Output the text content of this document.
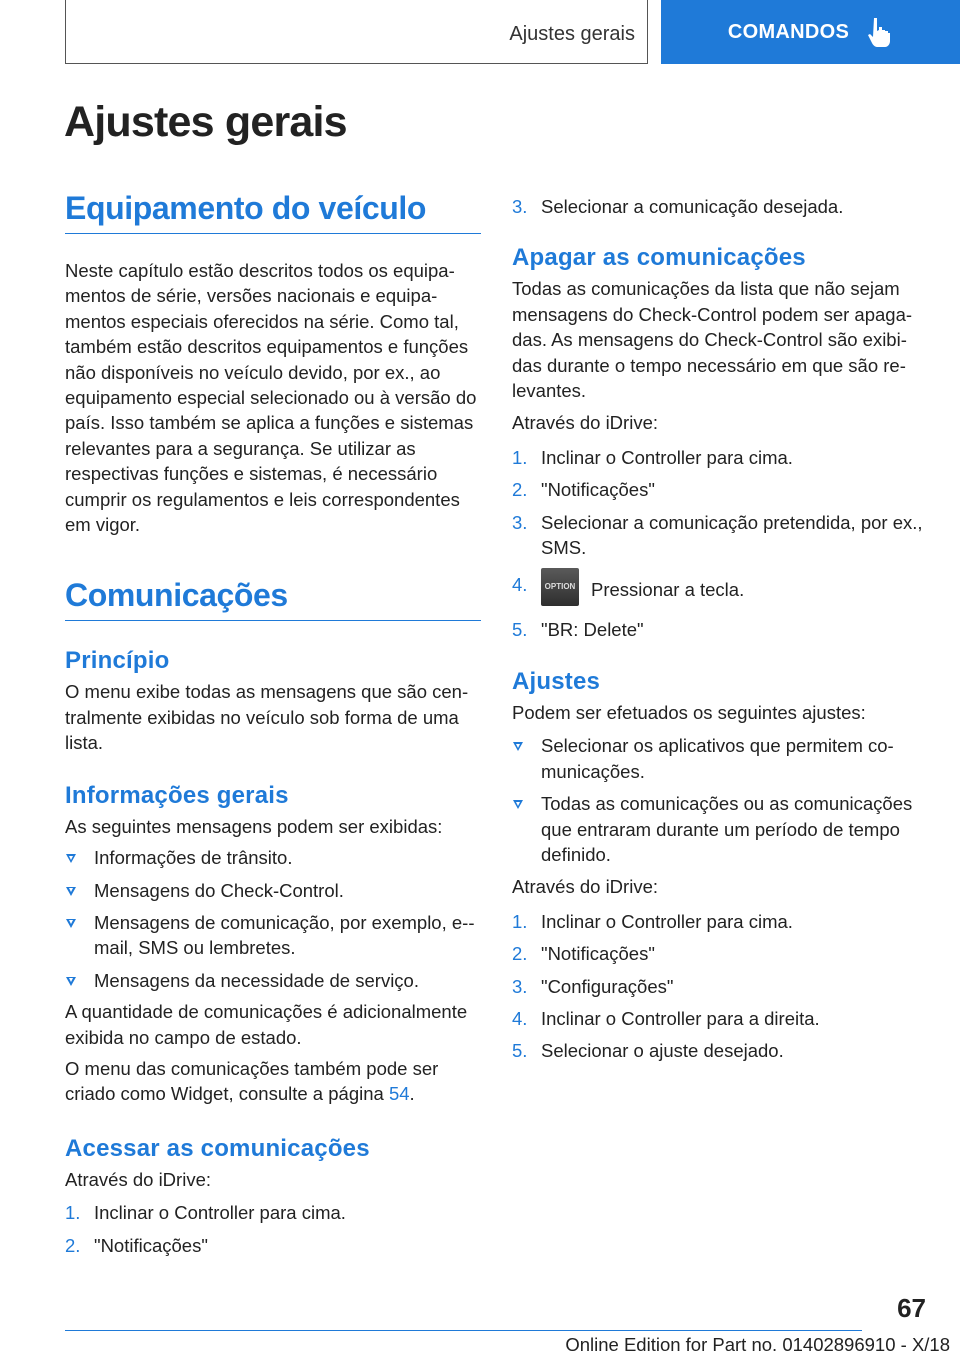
Ajustes gerais	COMANDOS
Ajustes gerais
Equipamento do veículo

Neste capítulo estão descritos todos os equipamentos de série, versões nacionais e equipamentos especiais oferecidos na série. Como tal, também estão descritos equipamentos e funções não disponíveis no veículo devido, por ex., ao equipamento especial selecionado ou à versão do país. Isso também se aplica a funções e sistemas relevantes para a segurança. Se utilizar as respectivas funções e sistemas, é necessário cumprir os regulamentos e leis correspondentes em vigor.

Comunicações
Princípio

O menu exibe todas as mensagens que são centralmente exibidas no veículo sob forma de uma lista.

Informações gerais

As seguintes mensagens podem ser exibidas:

Informações de trânsito.
Mensagens do Check-Control.
Mensagens de comunicação, por exemplo, e-mail, SMS ou lembretes.
Mensagens da necessidade de serviço.

A quantidade de comunicações é adicionalmente exibida no campo de estado.

O menu das comunicações também pode ser criado como Widget, consulte a página 54.

Acessar as comunicações

Através do iDrive:

1. Inclinar o Controller para cima.
2. "Notificações"
3. Selecionar a comunicação desejada.
Apagar as comunicações

Todas as comunicações da lista que não sejam mensagens do Check-Control podem ser apagadas. As mensagens do Check-Control são exibidas durante o tempo necessário em que são relevantes.

Através do iDrive:

1. Inclinar o Controller para cima.
2. "Notificações"
3. Selecionar a comunicação pretendida, por ex., SMS.
4. OPTION Pressionar a tecla.
5. "BR: Delete"
Ajustes

Podem ser efetuados os seguintes ajustes:

Selecionar os aplicativos que permitem comunicações.
Todas as comunicações ou as comunicações que entraram durante um período de tempo definido.

Através do iDrive:

1. Inclinar o Controller para cima.
2. "Notificações"
3. "Configurações"
4. Inclinar o Controller para a direita.
5. Selecionar o ajuste desejado.

67

Online Edition for Part no. 01402896910 - X/18
